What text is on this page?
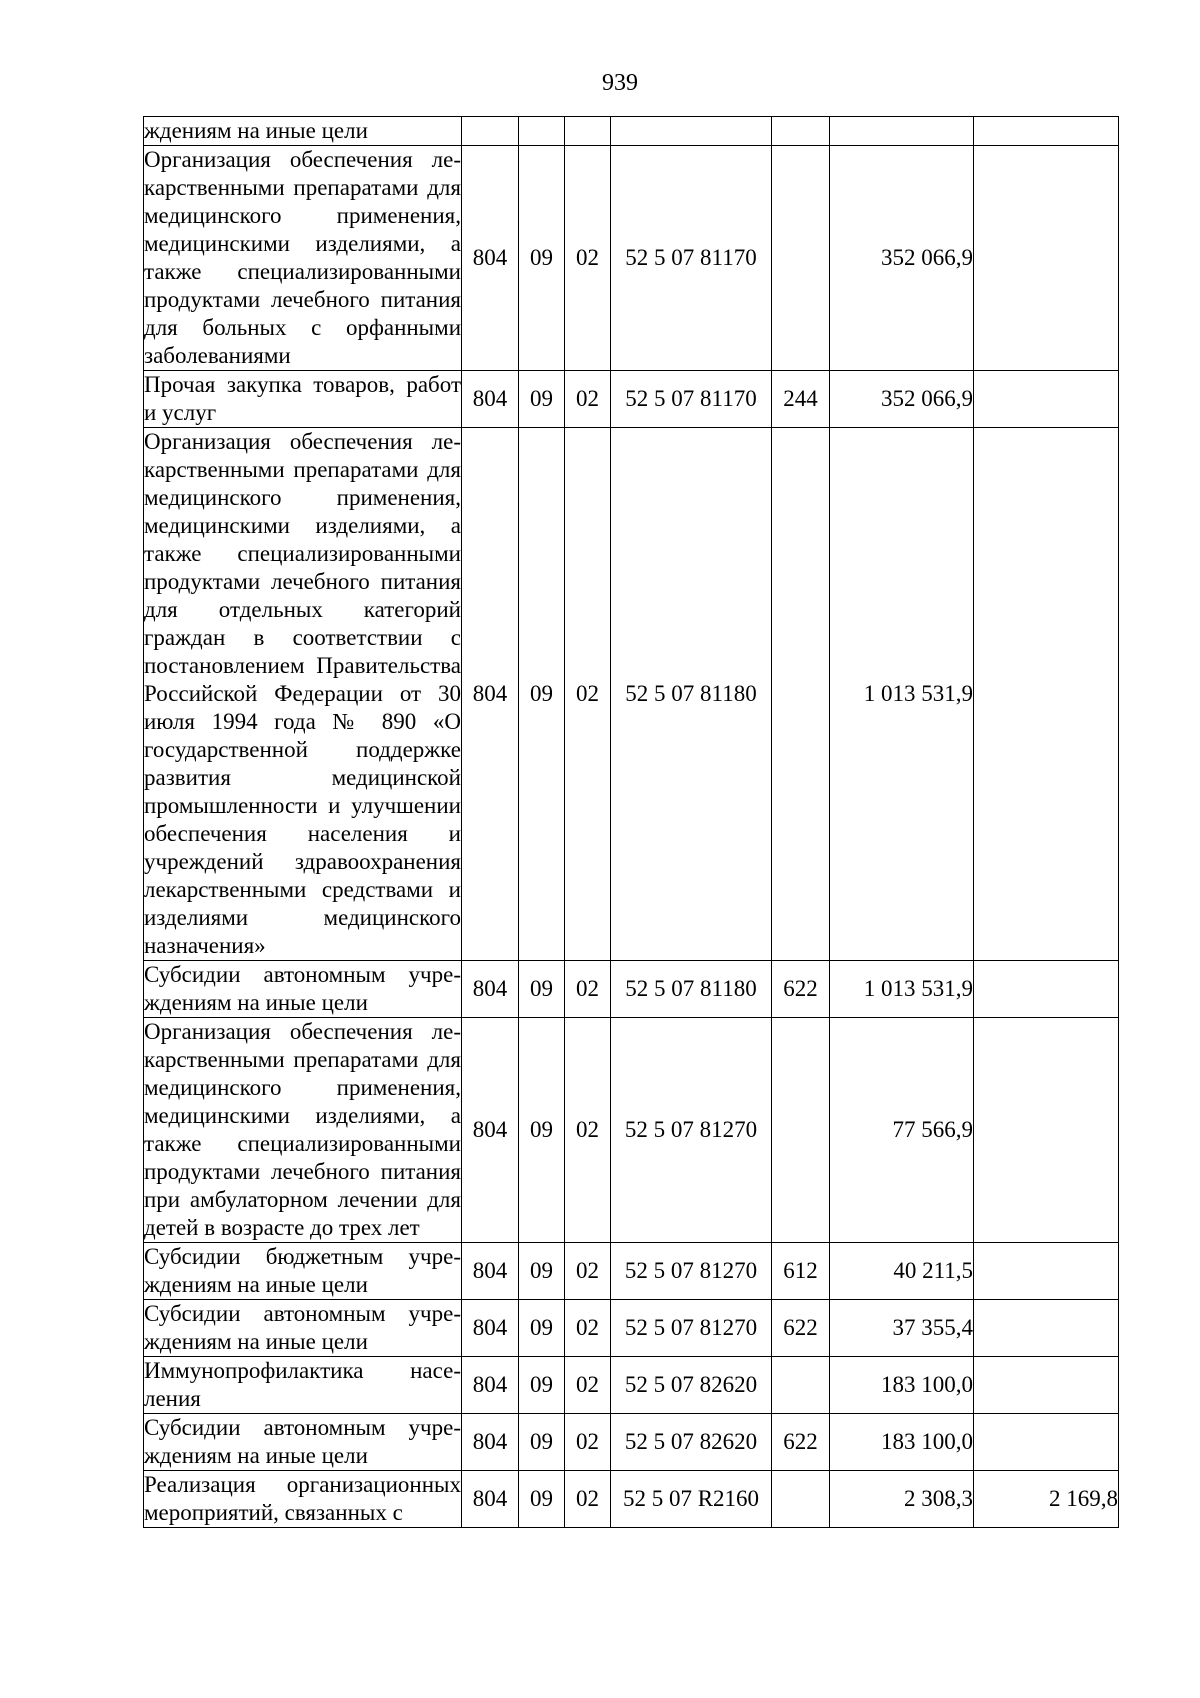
939
ждениям на иные цели							
Организация обеспечения лекарственными препаратами для медицинского применения, медицинскими изделиями, а также специализированными продуктами лечебного питания для больных с орфанными заболеваниями	804	09	02	52 5 07 81170		352 066,9	
Прочая закупка товаров, работ и услуг	804	09	02	52 5 07 81170	244	352 066,9	
Организация обеспечения лекарственными препаратами для медицинского применения, медицинскими изделиями, а также специализированными продуктами лечебного питания для отдельных категорий граждан в соответствии с постановлением Правительства Российской Федерации от 30 июля 1994 года № 890 «О государственной поддержке развития медицинской промышленности и улучшении обеспечения населения и учреждений здравоохранения лекарственными средствами и изделиями медицинского назначения»	804	09	02	52 5 07 81180		1 013 531,9	
Субсидии автономным учреждениям на иные цели	804	09	02	52 5 07 81180	622	1 013 531,9	
Организация обеспечения лекарственными препаратами для медицинского применения, медицинскими изделиями, а также специализированными продуктами лечебного питания при амбулаторном лечении для детей в возрасте до трех лет	804	09	02	52 5 07 81270		77 566,9	
Субсидии бюджетным учреждениям на иные цели	804	09	02	52 5 07 81270	612	40 211,5	
Субсидии автономным учреждениям на иные цели	804	09	02	52 5 07 81270	622	37 355,4	
Иммунопрофилактика населения	804	09	02	52 5 07 82620		183 100,0	
Субсидии автономным учреждениям на иные цели	804	09	02	52 5 07 82620	622	183 100,0	
Реализация организационных мероприятий, связанных с	804	09	02	52 5 07 R2160		2 308,3	2 169,8
